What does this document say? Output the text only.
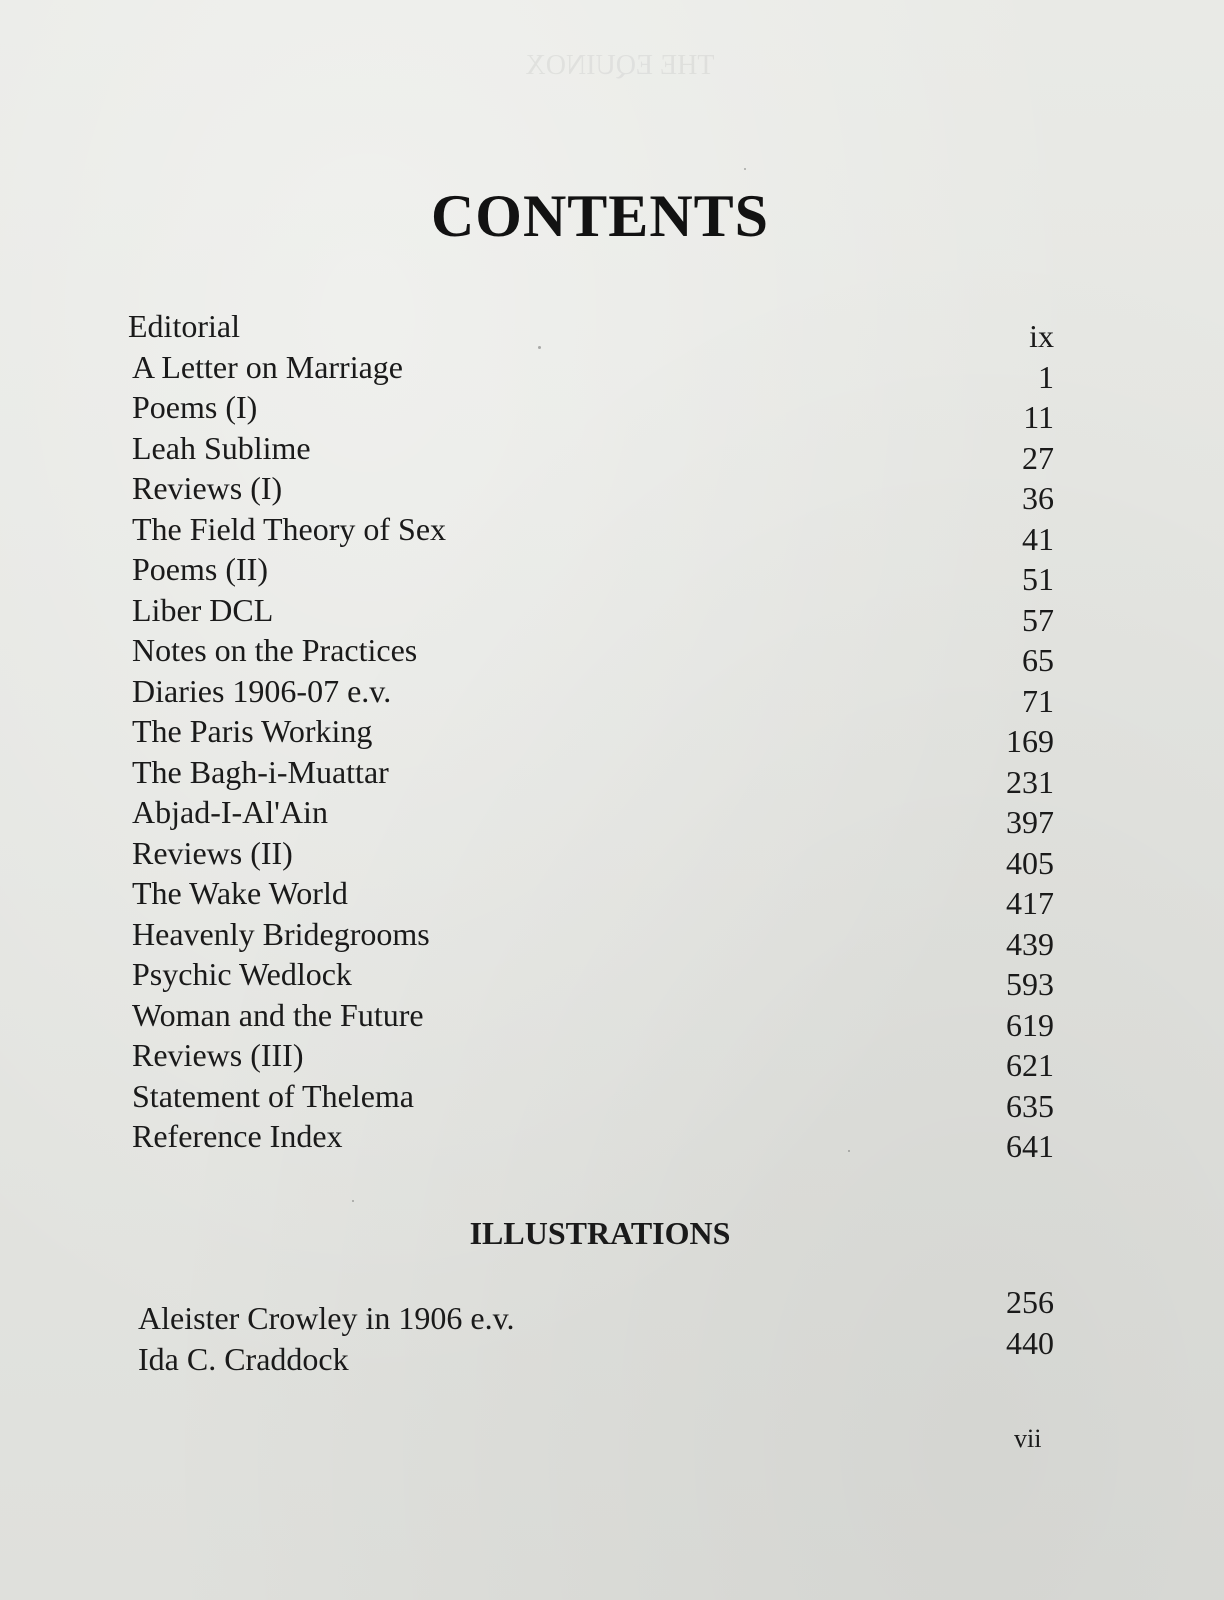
THE EQUINOX
CONTENTS
Editorial	ix
A Letter on Marriage	1
Poems (I)	11
Leah Sublime	27
Reviews (I)	36
The Field Theory of Sex	41
Poems (II)	51
Liber DCL	57
Notes on the Practices	65
Diaries 1906-07 e.v.	71
The Paris Working	169
The Bagh-i-Muattar	231
Abjad-I-Al'Ain	397
Reviews (II)	405
The Wake World	417
Heavenly Bridegrooms	439
Psychic Wedlock	593
Woman and the Future	619
Reviews (III)	621
Statement of Thelema	635
Reference Index	641
ILLUSTRATIONS
Aleister Crowley in 1906 e.v.	256
Ida C. Craddock	440
vii
